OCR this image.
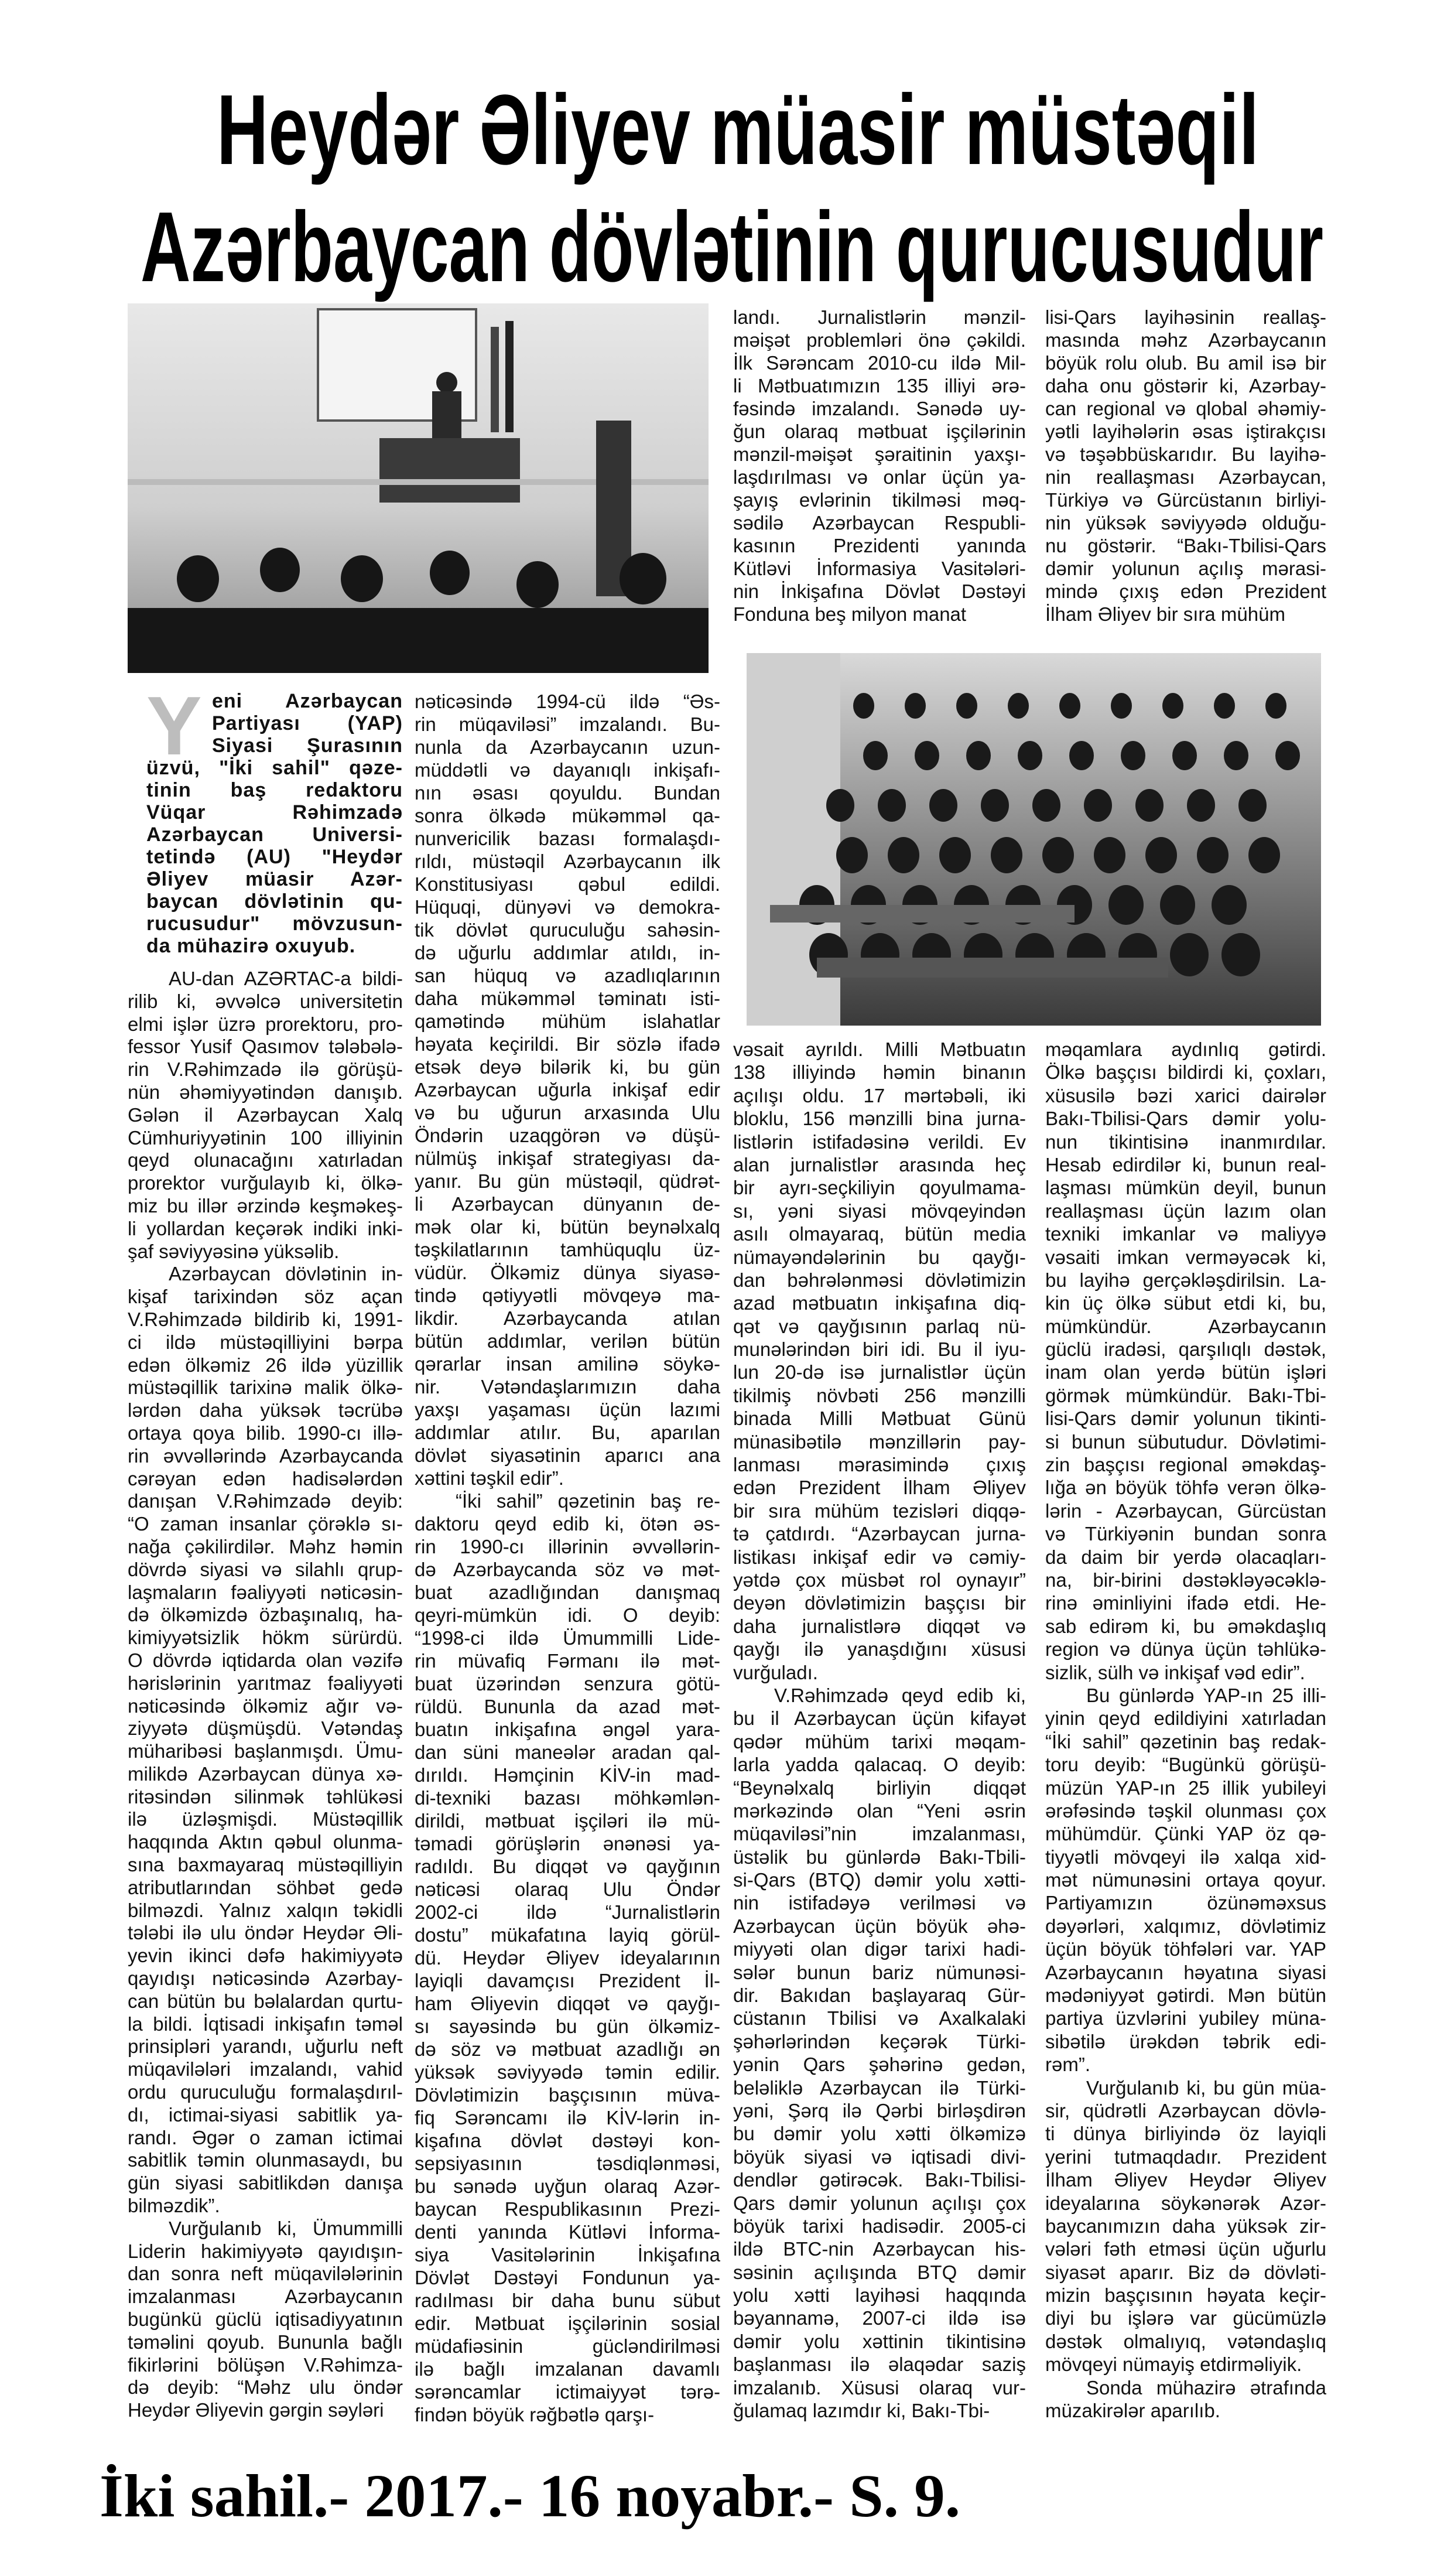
Heydər Əliyev müasir müstəqil
Azərbaycan dövlətinin qurucusudur
landı. Jurnalistlərin mənzil-
məişət problemləri önə çəkildi.
İlk Sərəncam 2010-cu ildə Mil-
li Mətbuatımızın 135 illiyi ərə-
fəsində imzalandı. Sənədə uy-
ğun olaraq mətbuat işçilərinin
mənzil-məişət şəraitinin yaxşı-
laşdırılması və onlar üçün ya-
şayış evlərinin tikilməsi məq-
sədilə Azərbaycan Respubli-
kasının Prezidenti yanında
Kütləvi İnformasiya Vasitələri-
nin İnkişafına Dövlət Dəstəyi
Fonduna beş milyon manat
lisi-Qars layihəsinin reallaş-
masında məhz Azərbaycanın
böyük rolu olub. Bu amil isə bir
daha onu göstərir ki, Azərbay-
can regional və qlobal əhəmiy-
yətli layihələrin əsas iştirakçısı
və təşəbbüskarıdır. Bu layihə-
nin reallaşması Azərbaycan,
Türkiyə və Gürcüstanın birliyi-
nin yüksək səviyyədə olduğu-
nu göstərir. “Bakı-Tbilisi-Qars
dəmir yolunun açılış mərasi-
mində çıxış edən Prezident
İlham Əliyev bir sıra mühüm
Y eni Azərbaycan
Partiyası (YAP)
Siyasi Şurasının
üzvü, "İki sahil" qəze-
tinin baş redaktoru
Vüqar Rəhimzadə
Azərbaycan Universi-
tetində (AU) "Heydər
Əliyev müasir Azər-
baycan dövlətinin qu-
rucusudur" mövzusun-
da mühazirə oxuyub.
AU-dan AZƏRTAC-a bildi-
rilib ki, əvvəlcə universitetin
elmi işlər üzrə prorektoru, pro-
fessor Yusif Qasımov tələbələ-
rin V.Rəhimzadə ilə görüşü-
nün əhəmiyyətindən danışıb.
Gələn il Azərbaycan Xalq
Cümhuriyyətinin 100 illiyinin
qeyd olunacağını xatırladan
prorektor vurğulayıb ki, ölkə-
miz bu illər ərzində keşməkeş-
li yollardan keçərək indiki inki-
şaf səviyyəsinə yüksəlib.
Azərbaycan dövlətinin in-
kişaf tarixindən söz açan
V.Rəhimzadə bildirib ki, 1991-
ci ildə müstəqilliyini bərpa
edən ölkəmiz 26 ildə yüzillik
müstəqillik tarixinə malik ölkə-
lərdən daha yüksək təcrübə
ortaya qoya bilib. 1990-cı illə-
rin əvvəllərində Azərbaycanda
cərəyan edən hadisələrdən
danışan V.Rəhimzadə deyib:
“O zaman insanlar çörəklə sı-
nağa çəkilirdilər. Məhz həmin
dövrdə siyasi və silahlı qrup-
laşmaların fəaliyyəti nəticəsin-
də ölkəmizdə özbaşınalıq, ha-
kimiyyətsizlik hökm sürürdü.
O dövrdə iqtidarda olan vəzifə
hərislərinin yarıtmaz fəaliyyəti
nəticəsində ölkəmiz ağır və-
ziyyətə düşmüşdü. Vətəndaş
müharibəsi başlanmışdı. Ümu-
milikdə Azərbaycan dünya xə-
ritəsindən silinmək təhlükəsi
ilə üzləşmişdi. Müstəqillik
haqqında Aktın qəbul olunma-
sına baxmayaraq müstəqilliyin
atributlarından söhbət gedə
bilməzdi. Yalnız xalqın təkidli
tələbi ilə ulu öndər Heydər Əli-
yevin ikinci dəfə hakimiyyətə
qayıdışı nəticəsində Azərbay-
can bütün bu bəlalardan qurtu-
la bildi. İqtisadi inkişafın təməl
prinsipləri yarandı, uğurlu neft
müqavilələri imzalandı, vahid
ordu quruculuğu formalaşdırıl-
dı, ictimai-siyasi sabitlik ya-
randı. Əgər o zaman ictimai
sabitlik təmin olunmasaydı, bu
gün siyasi sabitlikdən danışa
bilməzdik”.
Vurğulanıb ki, Ümummilli
Liderin hakimiyyətə qayıdışın-
dan sonra neft müqavilələrinin
imzalanması Azərbaycanın
bugünkü güclü iqtisadiyyatının
təməlini qoyub. Bununla bağlı
fikirlərini bölüşən V.Rəhimza-
də deyib: “Məhz ulu öndər
Heydər Əliyevin gərgin səyləri
nəticəsində 1994-cü ildə “Əs-
rin müqaviləsi” imzalandı. Bu-
nunla da Azərbaycanın uzun-
müddətli və dayanıqlı inkişafı-
nın əsası qoyuldu. Bundan
sonra ölkədə mükəmməl qa-
nunvericilik bazası formalaşdı-
rıldı, müstəqil Azərbaycanın ilk
Konstitusiyası qəbul edildi.
Hüquqi, dünyəvi və demokra-
tik dövlət quruculuğu sahəsin-
də uğurlu addımlar atıldı, in-
san hüquq və azadlıqlarının
daha mükəmməl təminatı isti-
qamətində mühüm islahatlar
həyata keçirildi. Bir sözlə ifadə
etsək deyə bilərik ki, bu gün
Azərbaycan uğurla inkişaf edir
və bu uğurun arxasında Ulu
Öndərin uzaqgörən və düşü-
nülmüş inkişaf strategiyası da-
yanır. Bu gün müstəqil, qüdrət-
li Azərbaycan dünyanın de-
mək olar ki, bütün beynəlxalq
təşkilatlarının tamhüquqlu üz-
vüdür. Ölkəmiz dünya siyasə-
tində qətiyyətli mövqeyə ma-
likdir. Azərbaycanda atılan
bütün addımlar, verilən bütün
qərarlar insan amilinə söykə-
nir. Vətəndaşlarımızın daha
yaxşı yaşaması üçün lazımi
addımlar atılır. Bu, aparılan
dövlət siyasətinin aparıcı ana
xəttini təşkil edir”.
“İki sahil” qəzetinin baş re-
daktoru qeyd edib ki, ötən əs-
rin 1990-cı illərinin əvvəllərin-
də Azərbaycanda söz və mət-
buat azadlığından danışmaq
qeyri-mümkün idi. O deyib:
“1998-ci ildə Ümummilli Lide-
rin müvafiq Fərmanı ilə mət-
buat üzərindən senzura götü-
rüldü. Bununla da azad mət-
buatın inkişafına əngəl yara-
dan süni maneələr aradan qal-
dırıldı. Həmçinin KİV-in mad-
di-texniki bazası möhkəmlən-
dirildi, mətbuat işçiləri ilə mü-
təmadi görüşlərin ənənəsi ya-
radıldı. Bu diqqət və qayğının
nəticəsi olaraq Ulu Öndər
2002-ci ildə “Jurnalistlərin
dostu” mükafatına layiq görül-
dü. Heydər Əliyev ideyalarının
layiqli davamçısı Prezident İl-
ham Əliyevin diqqət və qayğı-
sı sayəsində bu gün ölkəmiz-
də söz və mətbuat azadlığı ən
yüksək səviyyədə təmin edilir.
Dövlətimizin başçısının müva-
fiq Sərəncamı ilə KİV-lərin in-
kişafına dövlət dəstəyi kon-
sepsiyasının təsdiqlənməsi,
bu sənədə uyğun olaraq Azər-
baycan Respublikasının Prezi-
denti yanında Kütləvi İnforma-
siya Vasitələrinin İnkişafına
Dövlət Dəstəyi Fondunun ya-
radılması bir daha bunu sübut
edir. Mətbuat işçilərinin sosial
müdafiəsinin gücləndirilməsi
ilə bağlı imzalanan davamlı
sərəncamlar ictimaiyyət tərə-
findən böyük rəğbətlə qarşı-
vəsait ayrıldı. Milli Mətbuatın
138 illiyində həmin binanın
açılışı oldu. 17 mərtəbəli, iki
bloklu, 156 mənzilli bina jurna-
listlərin istifadəsinə verildi. Ev
alan jurnalistlər arasında heç
bir ayrı-seçkiliyin qoyulmama-
sı, yəni siyasi mövqeyindən
asılı olmayaraq, bütün media
nümayəndələrinin bu qayğı-
dan bəhrələnməsi dövlətimizin
azad mətbuatın inkişafına diq-
qət və qayğısının parlaq nü-
munələrindən biri idi. Bu il iyu-
lun 20-də isə jurnalistlər üçün
tikilmiş növbəti 256 mənzilli
binada Milli Mətbuat Günü
münasibətilə mənzillərin pay-
lanması mərasimində çıxış
edən Prezident İlham Əliyev
bir sıra mühüm tezisləri diqqə-
tə çatdırdı. “Azərbaycan jurna-
listikası inkişaf edir və cəmiy-
yətdə çox müsbət rol oynayır”
deyən dövlətimizin başçısı bir
daha jurnalistlərə diqqət və
qayğı ilə yanaşdığını xüsusi
vurğuladı.
V.Rəhimzadə qeyd edib ki,
bu il Azərbaycan üçün kifayət
qədər mühüm tarixi məqam-
larla yadda qalacaq. O deyib:
“Beynəlxalq birliyin diqqət
mərkəzində olan “Yeni əsrin
müqaviləsi”nin imzalanması,
üstəlik bu günlərdə Bakı-Tbili-
si-Qars (BTQ) dəmir yolu xətti-
nin istifadəyə verilməsi və
Azərbaycan üçün böyük əhə-
miyyəti olan digər tarixi hadi-
sələr bunun bariz nümunəsi-
dir. Bakıdan başlayaraq Gür-
cüstanın Tbilisi və Axalkalaki
şəhərlərindən keçərək Türki-
yənin Qars şəhərinə gedən,
beləliklə Azərbaycan ilə Türki-
yəni, Şərq ilə Qərbi birləşdirən
bu dəmir yolu xətti ölkəmizə
böyük siyasi və iqtisadi divi-
dendlər gətirəcək. Bakı-Tbilisi-
Qars dəmir yolunun açılışı çox
böyük tarixi hadisədir. 2005-ci
ildə BTC-nin Azərbaycan his-
səsinin açılışında BTQ dəmir
yolu xətti layihəsi haqqında
bəyannamə, 2007-ci ildə isə
dəmir yolu xəttinin tikintisinə
başlanması ilə əlaqədar saziş
imzalanıb. Xüsusi olaraq vur-
ğulamaq lazımdır ki, Bakı-Tbi-
məqamlara aydınlıq gətirdi.
Ölkə başçısı bildirdi ki, çoxları,
xüsusilə bəzi xarici dairələr
Bakı-Tbilisi-Qars dəmir yolu-
nun tikintisinə inanmırdılar.
Hesab edirdilər ki, bunun real-
laşması mümkün deyil, bunun
reallaşması üçün lazım olan
texniki imkanlar və maliyyə
vəsaiti imkan verməyəcək ki,
bu layihə gerçəkləşdirilsin. La-
kin üç ölkə sübut etdi ki, bu,
mümkündür. Azərbaycanın
güclü iradəsi, qarşılıqlı dəstək,
inam olan yerdə bütün işləri
görmək mümkündür. Bakı-Tbi-
lisi-Qars dəmir yolunun tikinti-
si bunun sübutudur. Dövlətimi-
zin başçısı regional əməkdaş-
lığa ən böyük töhfə verən ölkə-
lərin - Azərbaycan, Gürcüstan
və Türkiyənin bundan sonra
da daim bir yerdə olacaqları-
na, bir-birini dəstəkləyəcəklə-
rinə əminliyini ifadə etdi. He-
sab edirəm ki, bu əməkdaşlıq
region və dünya üçün təhlükə-
sizlik, sülh və inkişaf vəd edir”.
Bu günlərdə YAP-ın 25 illi-
yinin qeyd edildiyini xatırladan
“İki sahil” qəzetinin baş redak-
toru deyib: “Bugünkü görüşü-
müzün YAP-ın 25 illik yubileyi
ərəfəsində təşkil olunması çox
mühümdür. Çünki YAP öz qə-
tiyyətli mövqeyi ilə xalqa xid-
mət nümunəsini ortaya qoyur.
Partiyamızın özünəməxsus
dəyərləri, xalqımız, dövlətimiz
üçün böyük töhfələri var. YAP
Azərbaycanın həyatına siyasi
mədəniyyət gətirdi. Mən bütün
partiya üzvlərini yubiley müna-
sibətilə ürəkdən təbrik edi-
rəm”.
Vurğulanıb ki, bu gün müa-
sir, qüdrətli Azərbaycan dövlə-
ti dünya birliyində öz layiqli
yerini tutmaqdadır. Prezident
İlham Əliyev Heydər Əliyev
ideyalarına söykənərək Azər-
baycanımızın daha yüksək zir-
vələri fəth etməsi üçün uğurlu
siyasət aparır. Biz də dövləti-
mizin başçısının həyata keçir-
diyi bu işlərə var gücümüzlə
dəstək olmalıyıq, vətəndaşlıq
mövqeyi nümayiş etdirməliyik.
Sonda mühazirə ətrafında
müzakirələr aparılıb.
İki sahil.- 2017.- 16 noyabr.- S. 9.
